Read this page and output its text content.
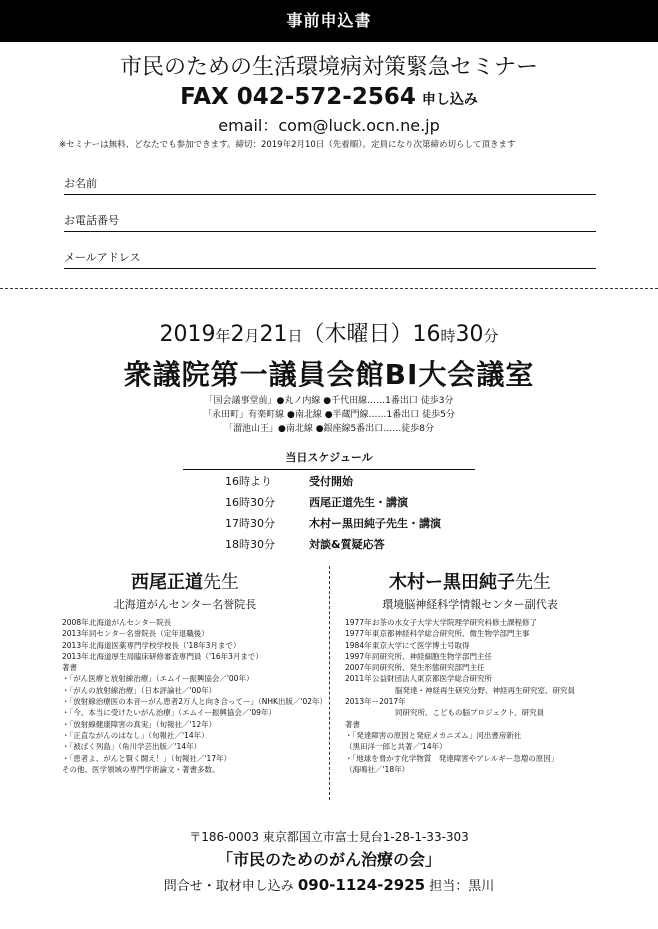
事前申込書
市民のための生活環境病対策緊急セミナー
FAX 042-572-2564 申し込み
email：com@luck.ocn.ne.jp
※セミナーは無料、どなたでも参加できます。締切：2019年2月10日（先着順）。定員になり次第締め切らして頂きます
お名前
お電話番号
メールアドレス
2019年2月21日（木曜日）16時30分
衆議院第一議員会館BI大会議室
「国会議事堂前」●丸ノ内線 ●千代田線……1番出口 徒歩3分
「永田町」有楽町線 ●南北線 ●半蔵門線……1番出口 徒歩5分
「溜池山王」●南北線 ●銀座線5番出口……徒歩8分
当日スケジュール
16時より	受付開始
16時30分	西尾正道先生・講演
17時30分	木村ー黒田純子先生・講演
18時30分	対談&質疑応答
西尾正道先生
北海道がんセンター名誉院長
2008年北海道がんセンター院長
2013年同センター名誉院長（定年退職後）
2013年北海道医薬専門学校学校長（'18年3月まで）
2013年北海道厚生局臨床研修審査専門員（'16年3月まで）
著書
・「がん医療と放射線治療」（エムイー振興協会／'00年）
・「がんの放射線治療」（日本評論社／'00年）
・「放射線治療医の本音ーがん患者2万人と向き合ってー」（NHK出版／'02年）
・「今、本当に受けたいがん治療」（エムイー振興協会／'09年）
・「放射線健康障害の真実」（旬報社／'12年）
・「正直ながんのはなし」（旬報社／'14年）
・「被ばく列島」（角川学芸出版／'14年）
・「患者よ、がんと賢く闘え！」（旬報社／'17年）
その他、医学領域の専門学術論文・著書多数。
木村ー黒田純子先生
環境脳神経科学情報センター副代表
1977年お茶の水女子大学大学院理学研究科修士課程修了
1977年東京都神経科学総合研究所、微生物学部門主事
1984年東京大学にて医学博士号取得
1997年同研究所、神経細胞生物学部門主任
2007年同研究所、発生形態研究部門主任
2011年公益財団法人東京都医学総合研究所
脳発達・神経再生研究分野、神経再生研究室、研究員
2013年ー2017年
同研究所、こどもの脳プロジェクト、研究員
著書
・「発達障害の原因と発症メカニズム」河出書房新社
（黒田洋一郎と共著／'14年）
・「地球を脅かす化学物質　発達障害やアレルギー急増の原因」
（海鳴社／'18年）
〒186-0003 東京都国立市富士見台1-28-1-33-303
「市民のためのがん治療の会」
問合せ・取材申し込み 090-1124-2925 担当：黒川
